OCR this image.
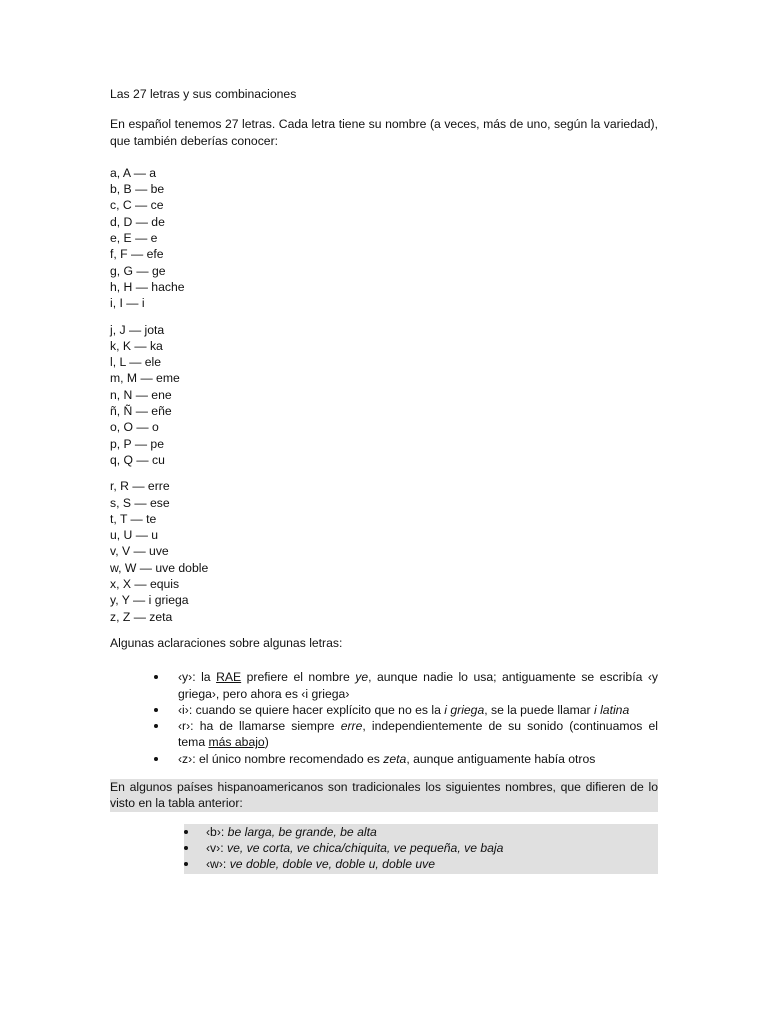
Las 27 letras y sus combinaciones

En español tenemos 27 letras. Cada letra tiene su nombre (a veces, más de uno, según la variedad), que también deberías conocer:

a, A — a
b, B — be
c, C — ce
d, D — de
e, E — e
f, F — efe
g, G — ge
h, H — hache
i, I — i
j, J — jota
k, K — ka
l, L — ele
m, M — eme
n, N — ene
ñ, Ñ — eñe
o, O — o
p, P — pe
q, Q — cu
r, R — erre
s, S — ese
t, T — te
u, U — u
v, V — uve
w, W — uve doble
x, X — equis
y, Y — i griega
z, Z — zeta

Algunas aclaraciones sobre algunas letras:

‹y›: la RAE prefiere el nombre ye, aunque nadie lo usa; antiguamente se escribía ‹y griega›, pero ahora es ‹i griega›
‹i›: cuando se quiere hacer explícito que no es la i griega, se la puede llamar i latina
‹r›: ha de llamarse siempre erre, independientemente de su sonido (continuamos el tema más abajo)
‹z›: el único nombre recomendado es zeta, aunque antiguamente había otros

En algunos países hispanoamericanos son tradicionales los siguientes nombres, que difieren de lo visto en la tabla anterior:

‹b›: be larga, be grande, be alta
‹v›: ve, ve corta, ve chica/chiquita, ve pequeña, ve baja
‹w›: ve doble, doble ve, doble u, doble uve
